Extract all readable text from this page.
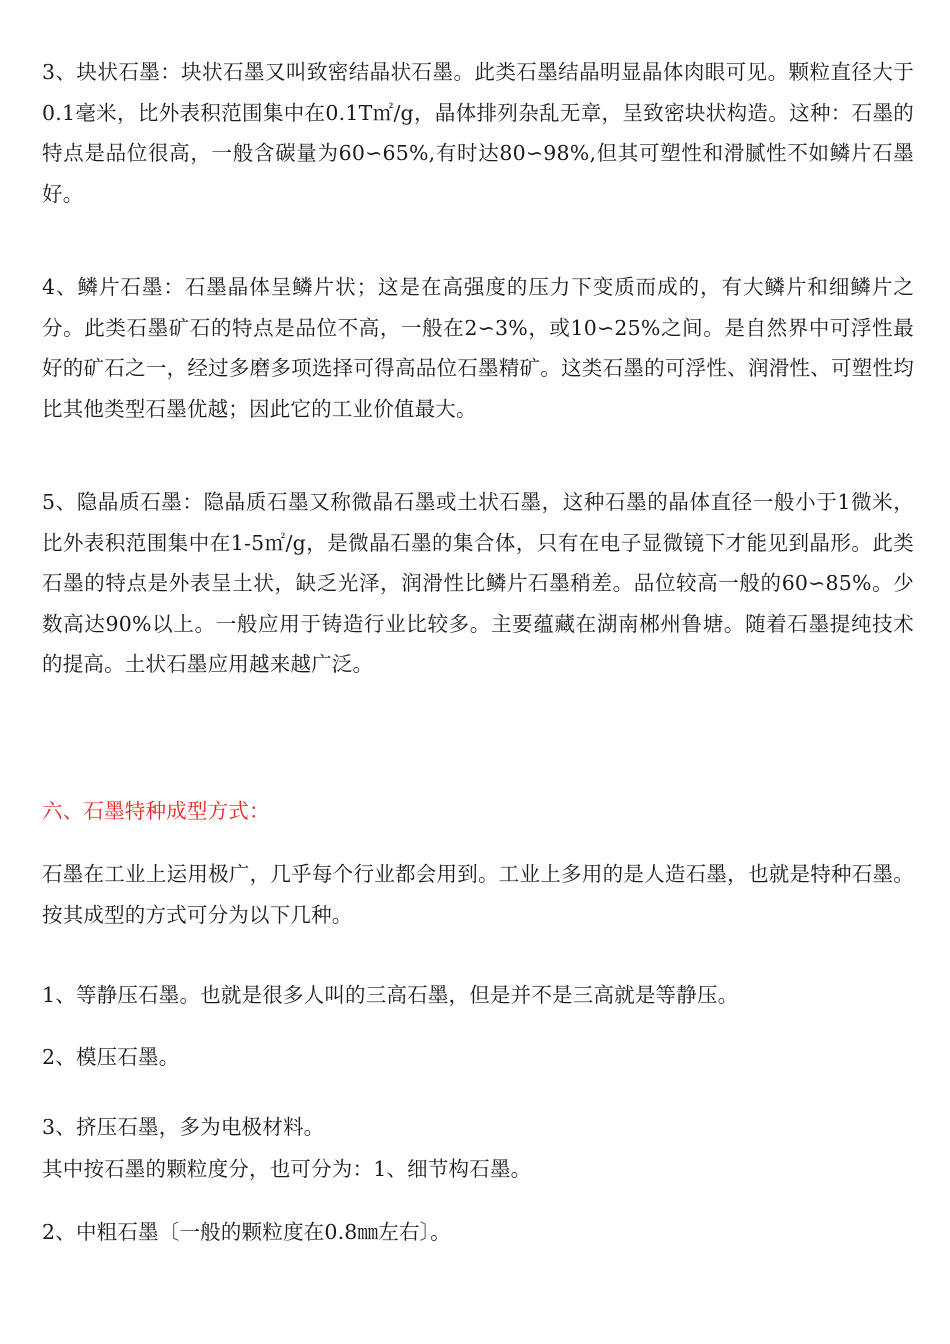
3、块状石墨：块状石墨又叫致密结晶状石墨。此类石墨结晶明显晶体肉眼可见。颗粒直径大于0.1毫米，比外表积范围集中在0.1T㎡/g，晶体排列杂乱无章，呈致密块状构造。这种：石墨的特点是品位很高，一般含碳量为60∽65%,有时达80∽98%,但其可塑性和滑腻性不如鳞片石墨好。

4、鳞片石墨：石墨晶体呈鳞片状；这是在高强度的压力下变质而成的，有大鳞片和细鳞片之分。此类石墨矿石的特点是品位不高，一般在2∽3%，或10∽25%之间。是自然界中可浮性最好的矿石之一，经过多磨多项选择可得高品位石墨精矿。这类石墨的可浮性、润滑性、可塑性均比其他类型石墨优越；因此它的工业价值最大。

5、隐晶质石墨：隐晶质石墨又称微晶石墨或土状石墨，这种石墨的晶体直径一般小于1微米，比外表积范围集中在1-5㎡/g，是微晶石墨的集合体，只有在电子显微镜下才能见到晶形。此类石墨的特点是外表呈土状，缺乏光泽，润滑性比鳞片石墨稍差。品位较高一般的60∽85%。少数高达90%以上。一般应用于铸造行业比较多。主要蕴藏在湖南郴州鲁塘。随着石墨提纯技术的提高。土状石墨应用越来越广泛。

六、石墨特种成型方式：

石墨在工业上运用极广，几乎每个行业都会用到。工业上多用的是人造石墨，也就是特种石墨。按其成型的方式可分为以下几种。

1、等静压石墨。也就是很多人叫的三高石墨，但是并不是三高就是等静压。

2、模压石墨。

3、挤压石墨，多为电极材料。

其中按石墨的颗粒度分，也可分为：1、细节构石墨。

2、中粗石墨〔一般的颗粒度在0.8㎜左右〕。
